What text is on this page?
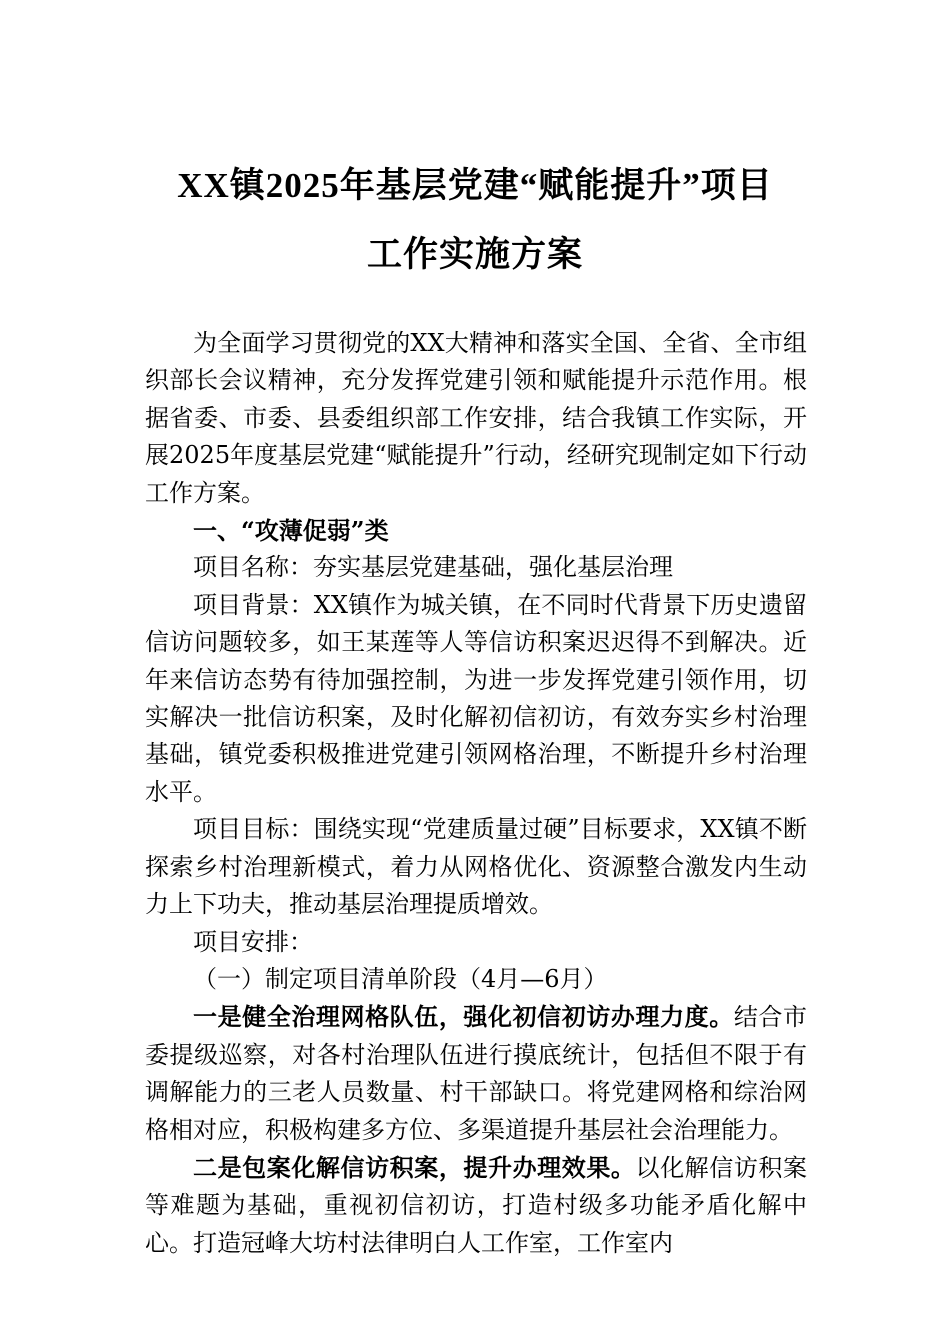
XX镇2025年基层党建“赋能提升”项目
工作实施方案

为全面学习贯彻党的XX大精神和落实全国、全省、全市组织部长会议精神，充分发挥党建引领和赋能提升示范作用。根据省委、市委、县委组织部工作安排，结合我镇工作实际，开展2025年度基层党建“赋能提升”行动，经研究现制定如下行动工作方案。

一、“攻薄促弱”类

项目名称：夯实基层党建基础，强化基层治理

项目背景：XX镇作为城关镇，在不同时代背景下历史遗留信访问题较多，如王某莲等人等信访积案迟迟得不到解决。近年来信访态势有待加强控制，为进一步发挥党建引领作用，切实解决一批信访积案，及时化解初信初访，有效夯实乡村治理基础，镇党委积极推进党建引领网格治理，不断提升乡村治理水平。

项目目标：围绕实现“党建质量过硬”目标要求，XX镇不断探索乡村治理新模式，着力从网格优化、资源整合激发内生动力上下功夫，推动基层治理提质增效。

项目安排：

（一）制定项目清单阶段（4月—6月）

一是健全治理网格队伍，强化初信初访办理力度。结合市委提级巡察，对各村治理队伍进行摸底统计，包括但不限于有调解能力的三老人员数量、村干部缺口。将党建网格和综治网格相对应，积极构建多方位、多渠道提升基层社会治理能力。

二是包案化解信访积案，提升办理效果。以化解信访积案等难题为基础，重视初信初访，打造村级多功能矛盾化解中心。打造冠峰大坊村法律明白人工作室，工作室内
